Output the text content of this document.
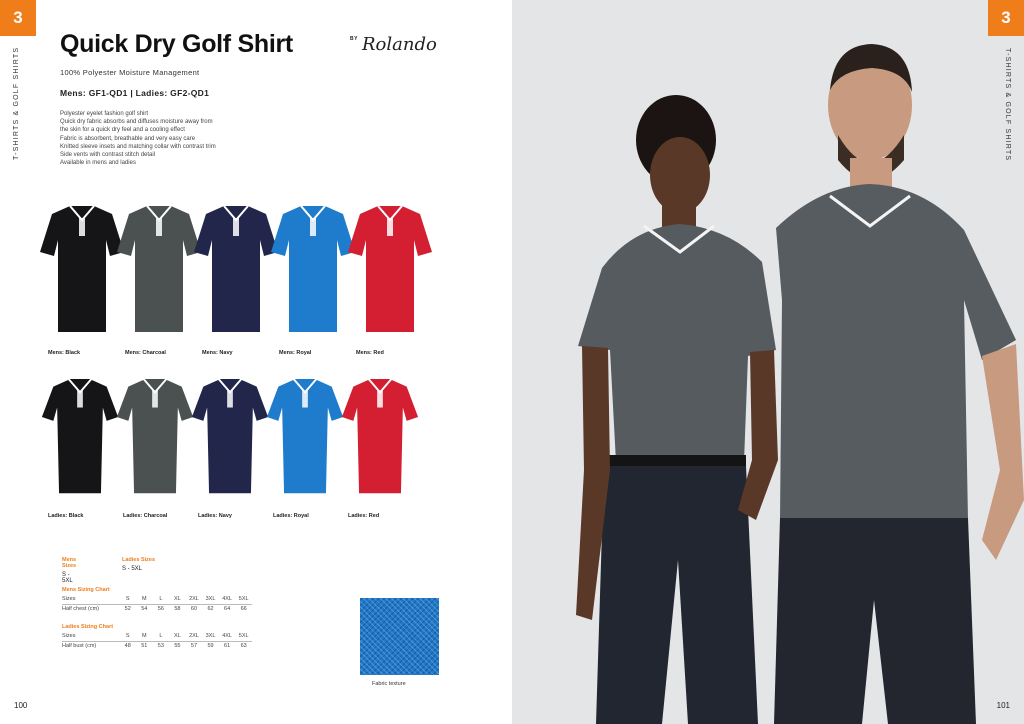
3
T-SHIRTS & GOLF SHIRTS
Quick Dry Golf Shirt	BY Rolando
100% Polyester Moisture Management
Mens: GF1-QD1 | Ladies: GF2-QD1
Polyester eyelet fashion golf shirt
Quick dry fabric absorbs and diffuses moisture away from
the skin for a quick dry feel and a cooling effect
Fabric is absorbent, breathable and very easy care
Knitted sleeve insets and matching collar with contrast trim
Side vents with contrast stitch detail
Available in mens and ladies
Mens: Black	Mens: Charcoal	Mens: Navy	Mens: Royal	Mens: Red
Ladies: Black	Ladies: Charcoal	Ladies: Navy	Ladies: Royal	Ladies: Red
Mens Sizes
S - 5XL
Ladies Sizes
S - 5XL
Mens Sizing Chart
Sizes	S	M	L	XL	2XL	3XL	4XL	5XL
Half chest (cm)	52	54	56	58	60	62	64	66
Ladies Sizing Chart
Sizes	S	M	L	XL	2XL	3XL	4XL	5XL
Half bust (cm)	48	51	53	55	57	59	61	63
Fabric texture
100
3
T-SHIRTS & GOLF SHIRTS
101
